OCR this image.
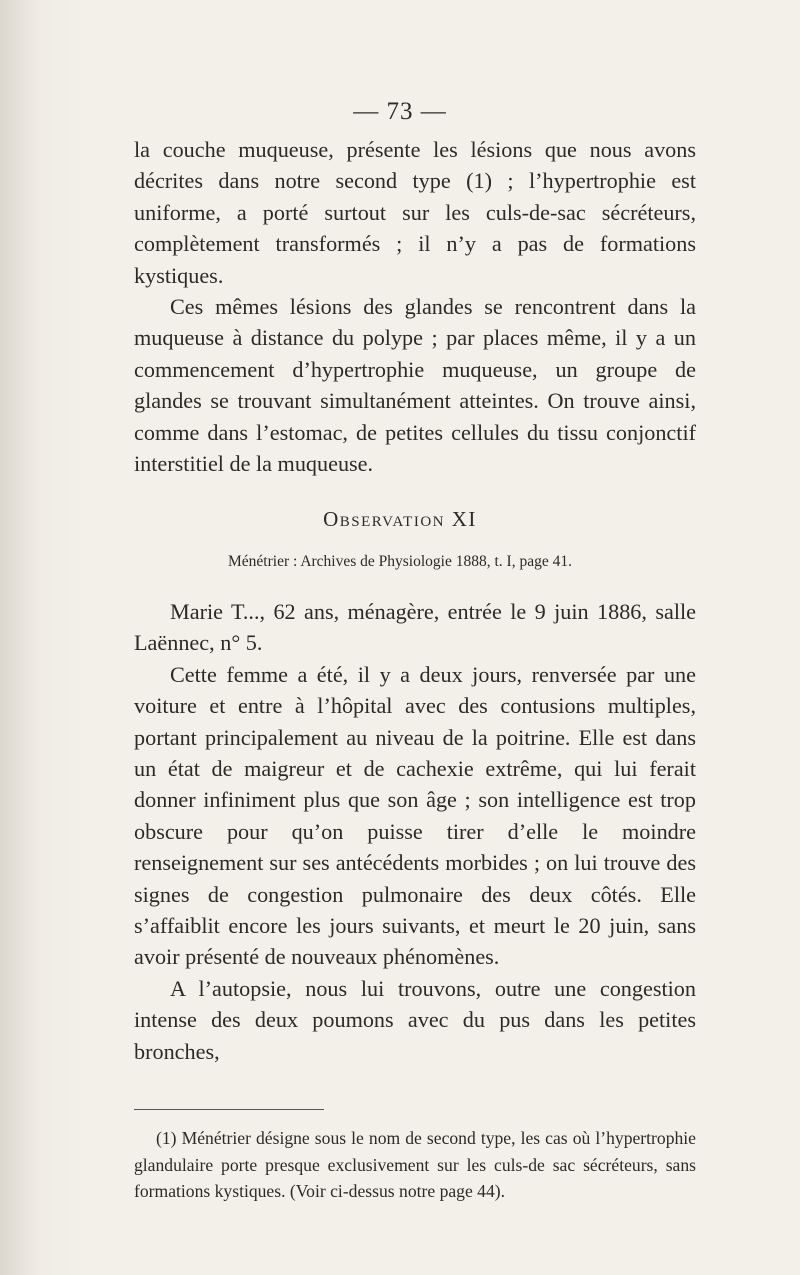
— 73 —

la couche muqueuse, présente les lésions que nous avons décrites dans notre second type (1) ; l’hypertrophie est uniforme, a porté surtout sur les culs-de-sac sécréteurs, complètement transformés ; il n’y a pas de formations kystiques.

Ces mêmes lésions des glandes se rencontrent dans la muqueuse à distance du polype ; par places même, il y a un commencement d’hypertrophie muqueuse, un groupe de glandes se trouvant simultanément atteintes. On trouve ainsi, comme dans l’estomac, de petites cellules du tissu conjonctif interstitiel de la muqueuse.

Observation XI
Ménétrier : Archives de Physiologie 1888, t. I, page 41.

Marie T..., 62 ans, ménagère, entrée le 9 juin 1886, salle Laënnec, n° 5.

Cette femme a été, il y a deux jours, renversée par une voiture et entre à l’hôpital avec des contusions multiples, portant principalement au niveau de la poitrine. Elle est dans un état de maigreur et de cachexie extrême, qui lui ferait donner infiniment plus que son âge ; son intelligence est trop obscure pour qu’on puisse tirer d’elle le moindre renseignement sur ses antécédents morbides ; on lui trouve des signes de congestion pulmonaire des deux côtés. Elle s’affaiblit encore les jours suivants, et meurt le 20 juin, sans avoir présenté de nouveaux phénomènes.

A l’autopsie, nous lui trouvons, outre une congestion intense des deux poumons avec du pus dans les petites bronches,

(1) Ménétrier désigne sous le nom de second type, les cas où l’hypertrophie glandulaire porte presque exclusivement sur les culs-de sac sécréteurs, sans formations kystiques. (Voir ci-dessus notre page 44).
